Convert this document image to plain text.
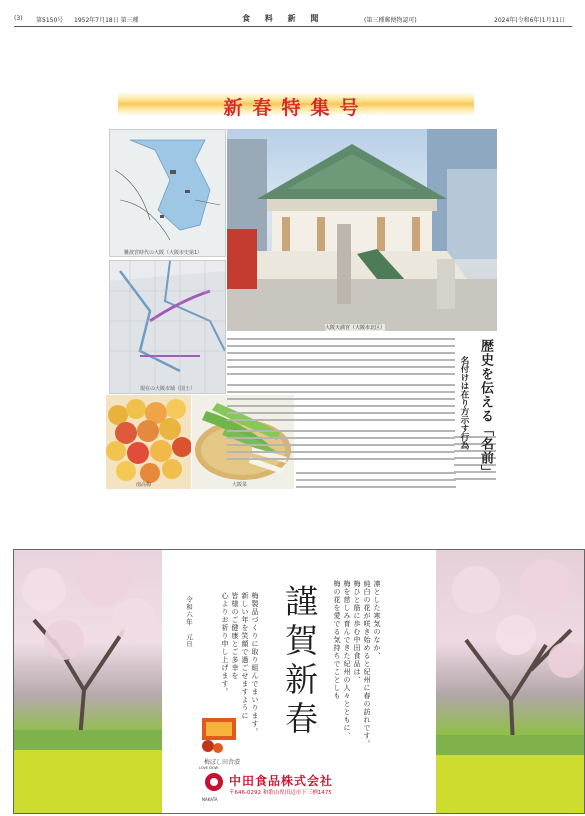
(3) 第5150号 1952年7月18日 第三種	食 料 新 聞	(第三種郵便物認可)	2024年(令和6年)1月11日
新春特集号
難波宮時代の大阪（大阪市史第1）
現在の大阪市域（国土）
大阪天満宮（大阪市北区）
南高梅	大阪菜
歴史を伝える「名前」
名付けは在り方示す行為
謹賀新春	凛とした寒気のなか、
純白の花が咲き始めると紀州に春の訪れです。
梅ひと筋に歩む中田食品は、
梅を慈しみ育んできた紀州の人々とともに、
梅の花を愛でる気持ちでことしも
梅製品づくりに取り組んでまいります。
新しい年を笑顔で過ごせますように
皆様のご健康とご多幸を
心よりお祈り申し上げます。
令和六年　元旦
梅ぼし田舎漬
LOVE DOW
NAKATA
中田食品株式会社
〒646-0292 和歌山県田辺市下三栖1475
